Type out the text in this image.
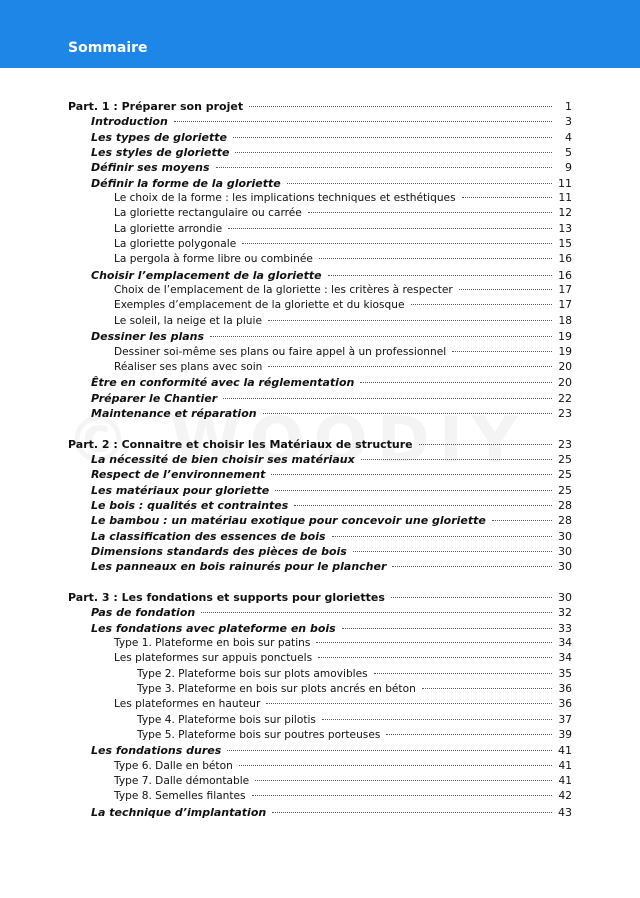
Sommaire
Part. 1 : Préparer son projet	1
Introduction	3
Les types de gloriette	4
Les styles de gloriette	5
Définir ses moyens	9
Définir la forme de la gloriette	11
Le choix de la forme : les implications techniques et esthétiques	11
La gloriette rectangulaire ou carrée	12
La gloriette arrondie	13
La gloriette polygonale	15
La pergola à forme libre ou combinée	16
Choisir l’emplacement de la gloriette	16
Choix de l’emplacement de la gloriette : les critères à respecter	17
Exemples d’emplacement de la gloriette et du kiosque	17
Le soleil, la neige et la pluie	18
Dessiner les plans	19
Dessiner soi-même ses plans ou faire appel à un professionnel	19
Réaliser ses plans avec soin	20
Être en conformité avec la réglementation	20
Préparer le Chantier	22
Maintenance et réparation	23
Part. 2 : Connaitre et choisir les Matériaux de structure	23
La nécessité de bien choisir ses matériaux	25
Respect de l’environnement	25
Les matériaux pour gloriette	25
Le bois : qualités et contraintes	28
Le bambou : un matériau exotique pour concevoir une gloriette	28
La classification des essences de bois	30
Dimensions standards des pièces de bois	30
Les panneaux en bois rainurés pour le plancher	30
Part. 3 : Les fondations et supports pour gloriettes	30
Pas de fondation	32
Les fondations avec plateforme en bois	33
Type 1. Plateforme en bois sur patins	34
Les plateformes sur appuis ponctuels	34
Type 2. Plateforme bois sur plots amovibles	35
Type 3. Plateforme en bois sur plots ancrés en béton	36
Les plateformes en hauteur	36
Type 4. Plateforme bois sur pilotis	37
Type 5. Plateforme bois sur poutres porteuses	39
Les fondations dures	41
Type 6. Dalle en béton	41
Type 7. Dalle démontable	41
Type 8. Semelles filantes	42
La technique d’implantation	43
